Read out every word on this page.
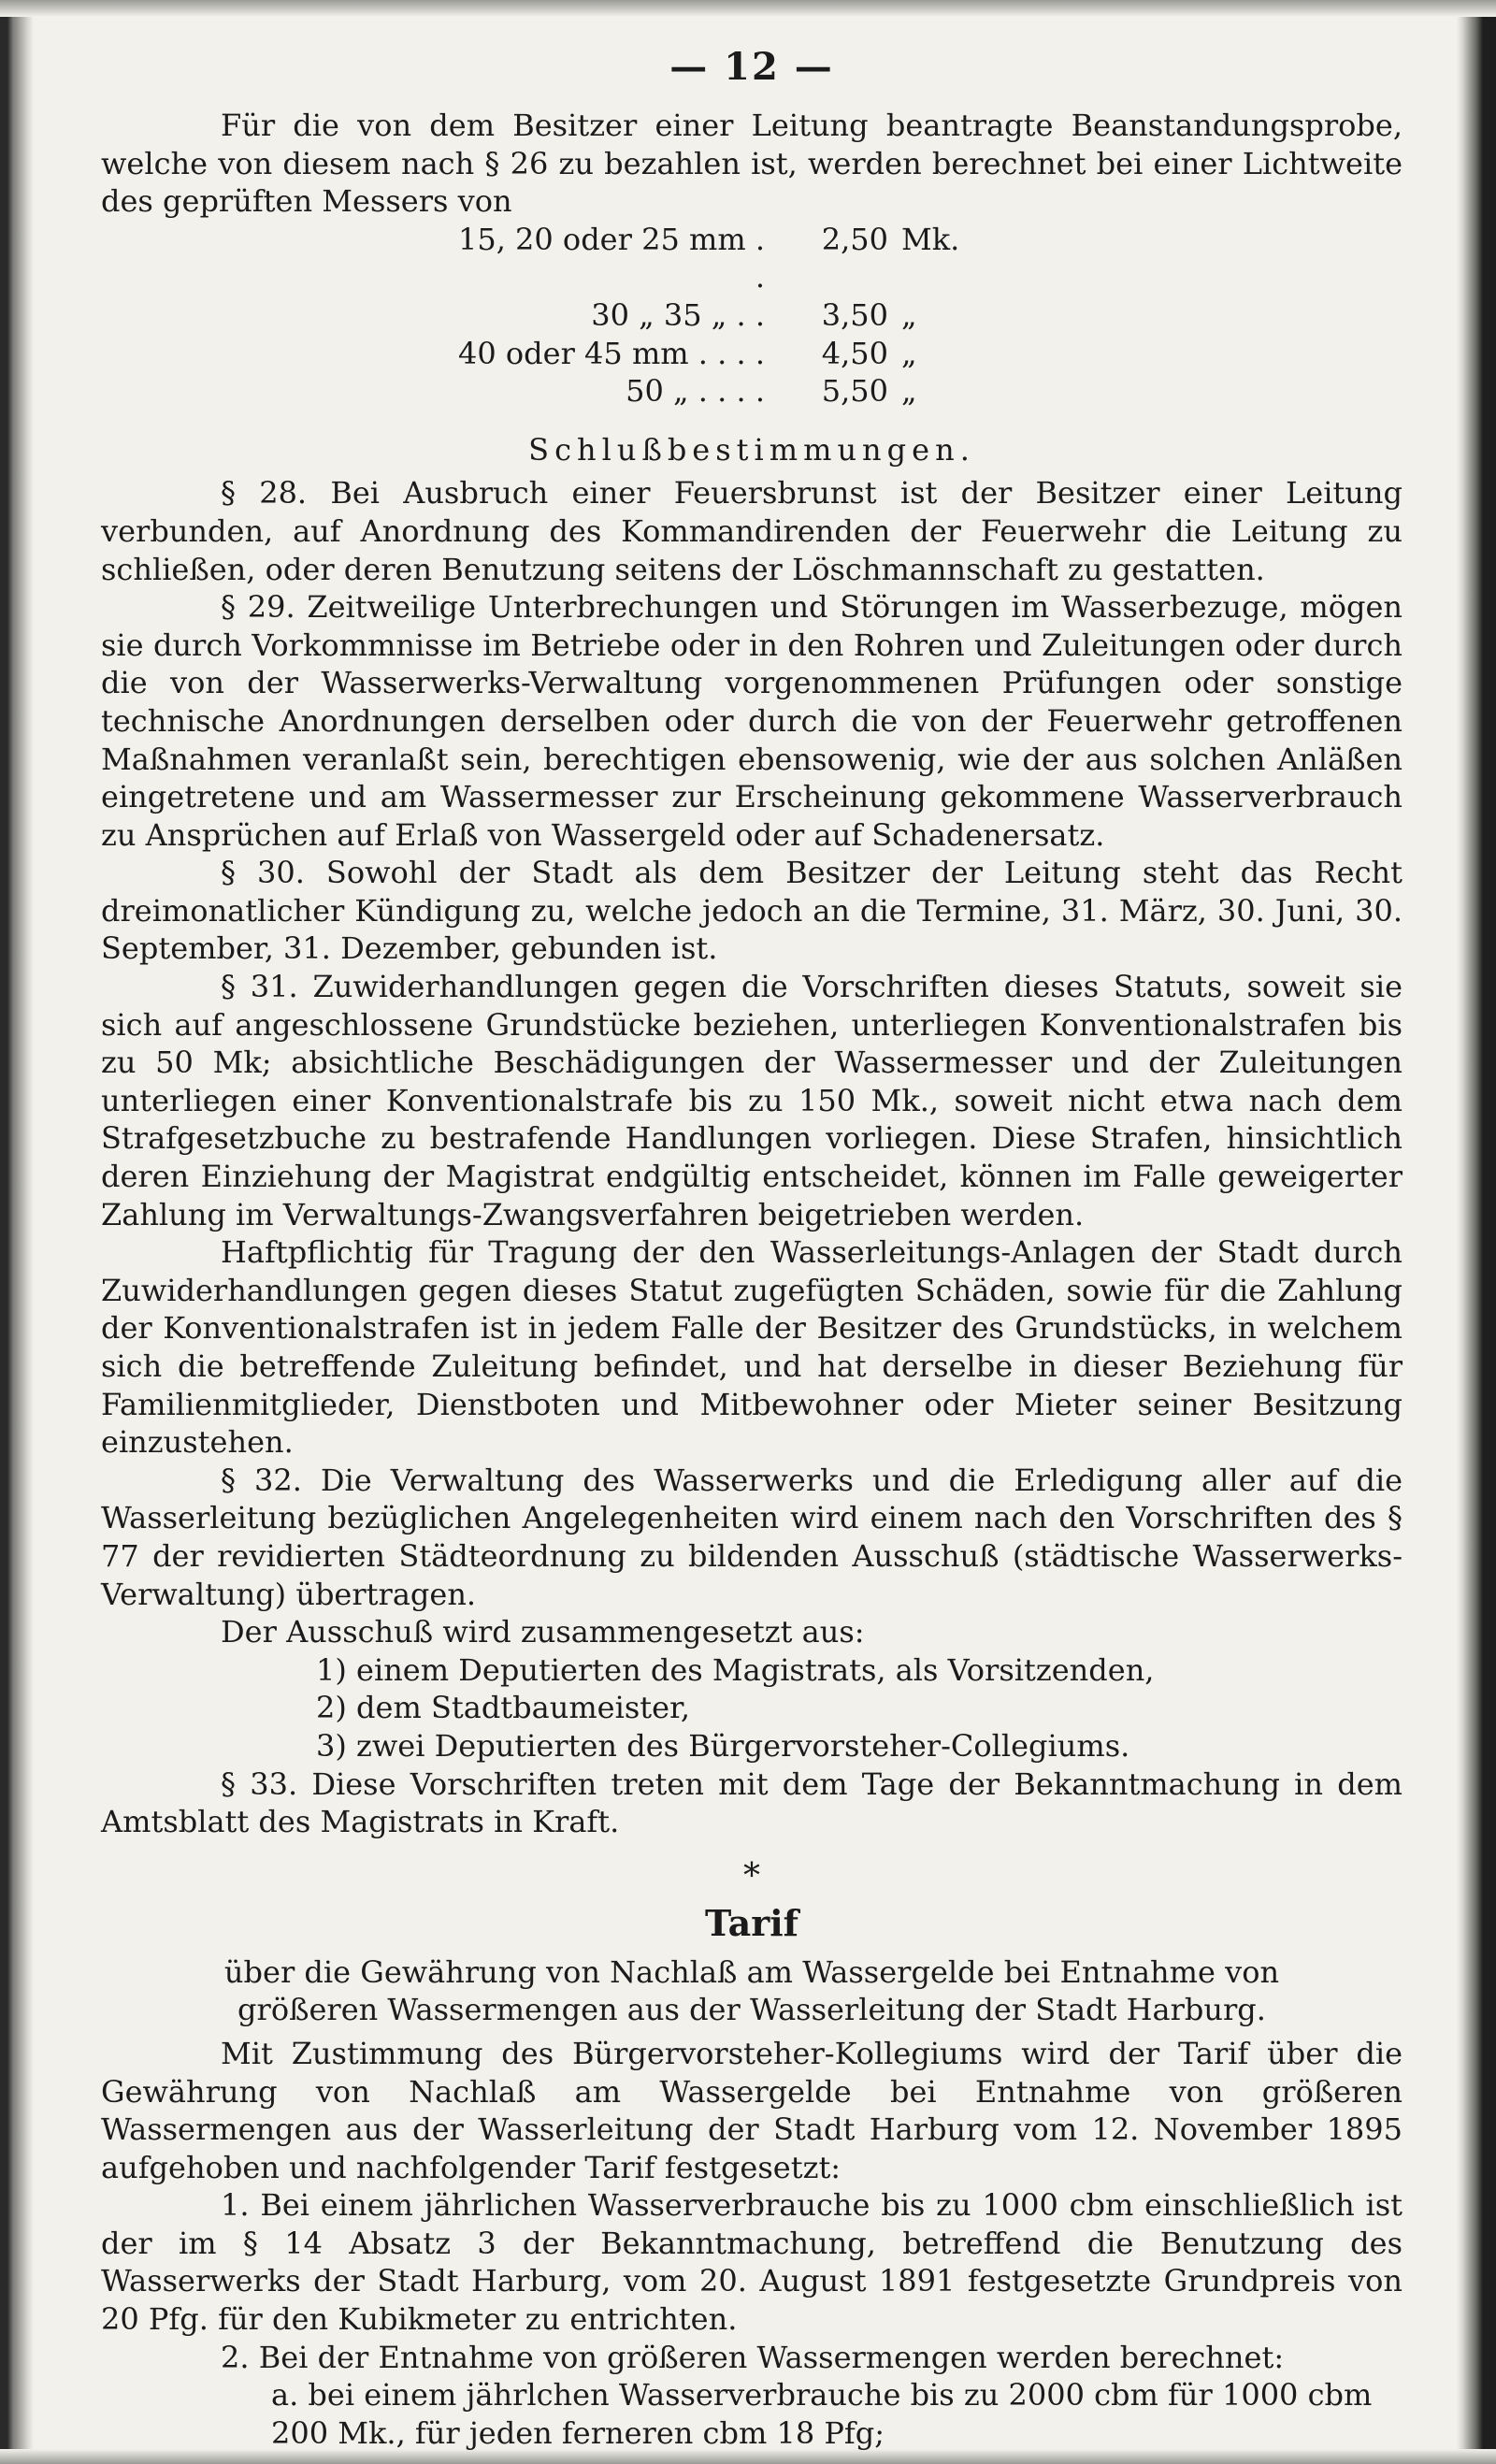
— 12 —

Für die von dem Besitzer einer Leitung beantragte Beanstandungsprobe, welche von diesem nach § 26 zu bezahlen ist, werden berechnet bei einer Lichtweite des geprüften Messers von

15, 20 oder 25 mm . .	2,50	Mk.
30 „ 35 „ . .	3,50	„
40 oder 45 mm . . . .	4,50	„
50 „ . . . .	5,50	„
Schlußbestimmungen.

§ 28. Bei Ausbruch einer Feuersbrunst ist der Besitzer einer Leitung verbunden, auf Anordnung des Kommandirenden der Feuerwehr die Leitung zu schließen, oder deren Benutzung seitens der Löschmannschaft zu gestatten.

§ 29. Zeitweilige Unterbrechungen und Störungen im Wasserbezuge, mögen sie durch Vorkommnisse im Betriebe oder in den Rohren und Zuleitungen oder durch die von der Wasserwerks-Verwaltung vorgenommenen Prüfungen oder sonstige technische Anordnungen derselben oder durch die von der Feuerwehr getroffenen Maßnahmen veranlaßt sein, berechtigen ebensowenig, wie der aus solchen Anläßen eingetretene und am Wassermesser zur Erscheinung gekommene Wasserverbrauch zu Ansprüchen auf Erlaß von Wassergeld oder auf Schadenersatz.

§ 30. Sowohl der Stadt als dem Besitzer der Leitung steht das Recht dreimonatlicher Kündigung zu, welche jedoch an die Termine, 31. März, 30. Juni, 30. September, 31. Dezember, gebunden ist.

§ 31. Zuwiderhandlungen gegen die Vorschriften dieses Statuts, soweit sie sich auf angeschlossene Grundstücke beziehen, unterliegen Konventionalstrafen bis zu 50 Mk; absichtliche Beschädigungen der Wassermesser und der Zuleitungen unterliegen einer Konventionalstrafe bis zu 150 Mk., soweit nicht etwa nach dem Strafgesetzbuche zu bestrafende Handlungen vorliegen. Diese Strafen, hinsichtlich deren Einziehung der Magistrat endgültig entscheidet, können im Falle geweigerter Zahlung im Verwaltungs-Zwangsverfahren beigetrieben werden.

Haftpflichtig für Tragung der den Wasserleitungs-Anlagen der Stadt durch Zuwiderhandlungen gegen dieses Statut zugefügten Schäden, sowie für die Zahlung der Konventionalstrafen ist in jedem Falle der Besitzer des Grundstücks, in welchem sich die betreffende Zuleitung befindet, und hat derselbe in dieser Beziehung für Familienmitglieder, Dienstboten und Mitbewohner oder Mieter seiner Besitzung einzustehen.

§ 32. Die Verwaltung des Wasserwerks und die Erledigung aller auf die Wasserleitung bezüglichen Angelegenheiten wird einem nach den Vorschriften des § 77 der revidierten Städteordnung zu bildenden Ausschuß (städtische Wasserwerks-Verwaltung) übertragen.

Der Ausschuß wird zusammengesetzt aus:

1) einem Deputierten des Magistrats, als Vorsitzenden,

2) dem Stadtbaumeister,

3) zwei Deputierten des Bürgervorsteher-Collegiums.

§ 33. Diese Vorschriften treten mit dem Tage der Bekanntmachung in dem Amtsblatt des Magistrats in Kraft.

*
Tarif

über die Gewährung von Nachlaß am Wassergelde bei Entnahme von größeren Wassermengen aus der Wasserleitung der Stadt Harburg.

Mit Zustimmung des Bürgervorsteher-Kollegiums wird der Tarif über die Gewährung von Nachlaß am Wassergelde bei Entnahme von größeren Wassermengen aus der Wasserleitung der Stadt Harburg vom 12. November 1895 aufgehoben und nachfolgender Tarif festgesetzt:

1. Bei einem jährlichen Wasserverbrauche bis zu 1000 cbm einschließlich ist der im § 14 Absatz 3 der Bekanntmachung, betreffend die Benutzung des Wasserwerks der Stadt Harburg, vom 20. August 1891 festgesetzte Grundpreis von 20 Pfg. für den Kubikmeter zu entrichten.

2. Bei der Entnahme von größeren Wassermengen werden berechnet:

a. bei einem jährlchen Wasserverbrauche bis zu 2000 cbm für 1000 cbm

200 Mk., für jeden ferneren cbm 18 Pfg;
